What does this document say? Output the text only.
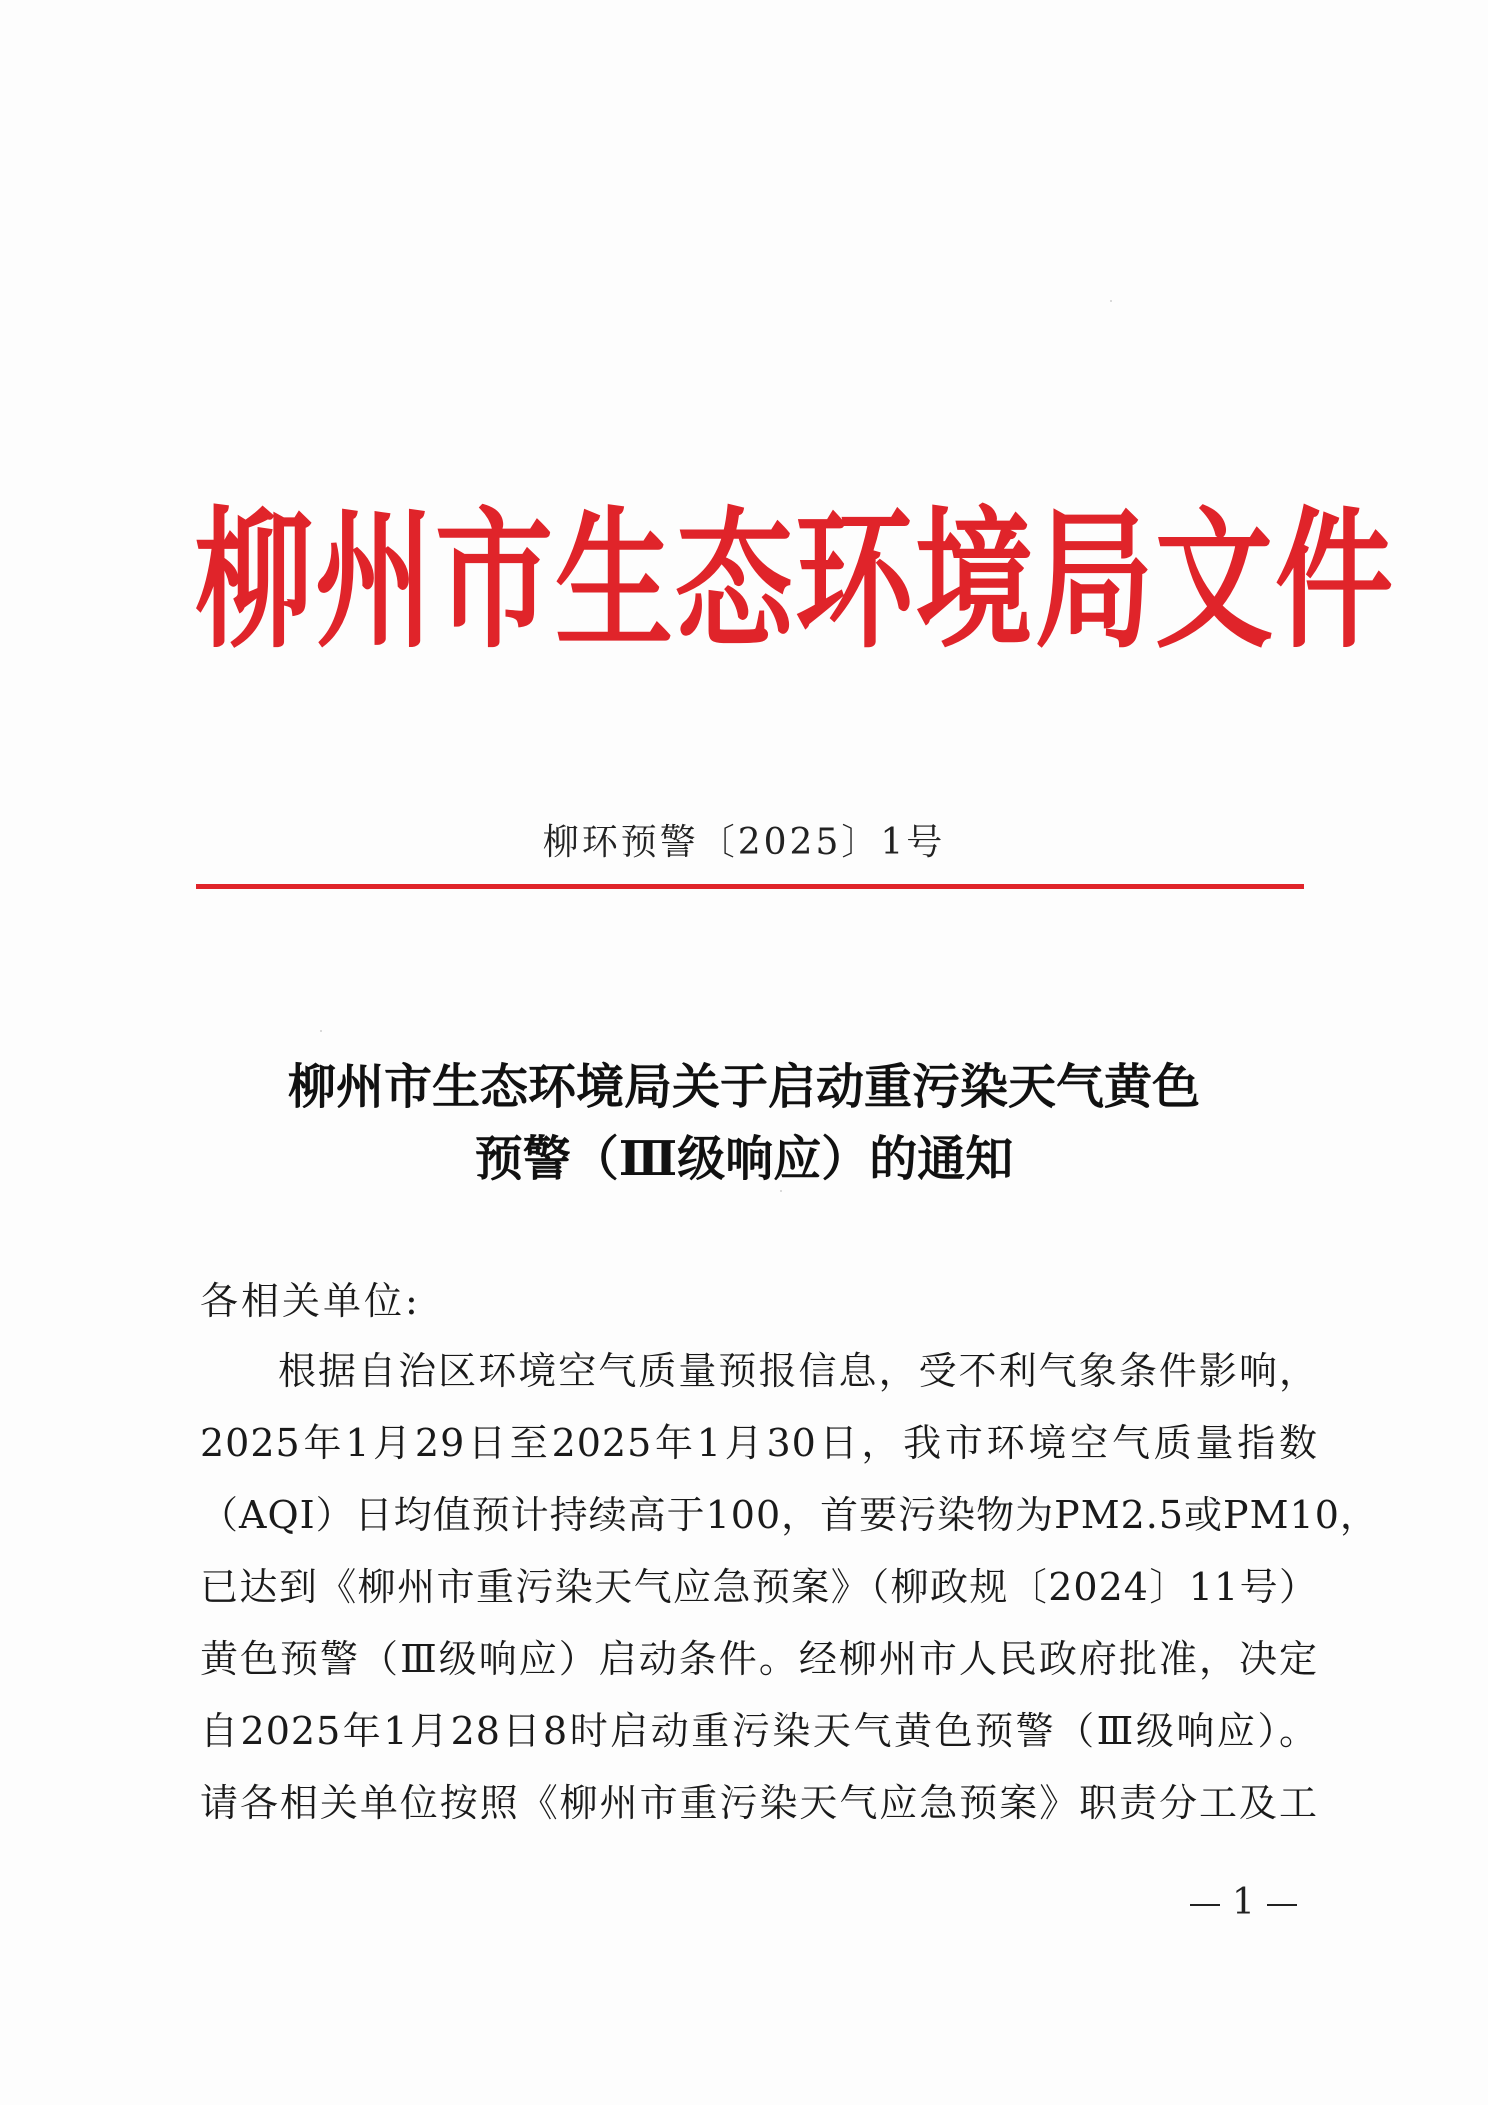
柳州市生态环境局文件
柳环预警〔2025〕1号
柳州市生态环境局关于启动重污染天气黄色
预警（Ⅲ级响应）的通知
各相关单位:
根据自治区环境空气质量预报信息，受不利气象条件影响，
2025年1月29日至2025年1月30日，我市环境空气质量指数
（AQI）日均值预计持续高于100，首要污染物为PM2.5或PM10，
已达到《柳州市重污染天气应急预案》（柳政规〔2024〕11号）
黄色预警（Ⅲ级响应）启动条件。经柳州市人民政府批准，决定
自2025年1月28日8时启动重污染天气黄色预警（Ⅲ级响应）。
请各相关单位按照《柳州市重污染天气应急预案》职责分工及工
1
